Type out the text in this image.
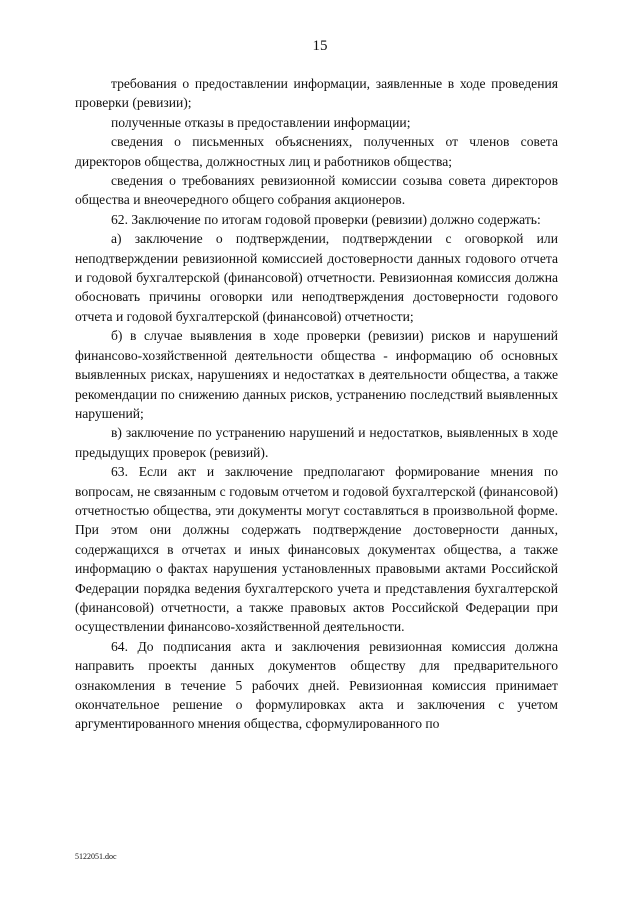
15

требования о предоставлении информации, заявленные в ходе проведения проверки (ревизии);

полученные отказы в предоставлении информации;

сведения о письменных объяснениях, полученных от членов совета директоров общества, должностных лиц и работников общества;

сведения о требованиях ревизионной комиссии созыва совета директоров общества и внеочередного общего собрания акционеров.

62. Заключение по итогам годовой проверки (ревизии) должно содержать:

а) заключение о подтверждении, подтверждении с оговоркой или неподтверждении ревизионной комиссией достоверности данных годового отчета и годовой бухгалтерской (финансовой) отчетности. Ревизионная комиссия должна обосновать причины оговорки или неподтверждения достоверности годового отчета и годовой бухгалтерской (финансовой) отчетности;

б) в случае выявления в ходе проверки (ревизии) рисков и нарушений финансово-хозяйственной деятельности общества - информацию об основных выявленных рисках, нарушениях и недостатках в деятельности общества, а также рекомендации по снижению данных рисков, устранению последствий выявленных нарушений;

в) заключение по устранению нарушений и недостатков, выявленных в ходе предыдущих проверок (ревизий).

63. Если акт и заключение предполагают формирование мнения по вопросам, не связанным с годовым отчетом и годовой бухгалтерской (финансовой) отчетностью общества, эти документы могут составляться в произвольной форме. При этом они должны содержать подтверждение достоверности данных, содержащихся в отчетах и иных финансовых документах общества, а также информацию о фактах нарушения установленных правовыми актами Российской Федерации порядка ведения бухгалтерского учета и представления бухгалтерской (финансовой) отчетности, а также правовых актов Российской Федерации при осуществлении финансово-хозяйственной деятельности.

64. До подписания акта и заключения ревизионная комиссия должна направить проекты данных документов обществу для предварительного ознакомления в течение 5 рабочих дней. Ревизионная комиссия принимает окончательное решение о формулировках акта и заключения с учетом аргументированного мнения общества, сформулированного по

5122051.doc
